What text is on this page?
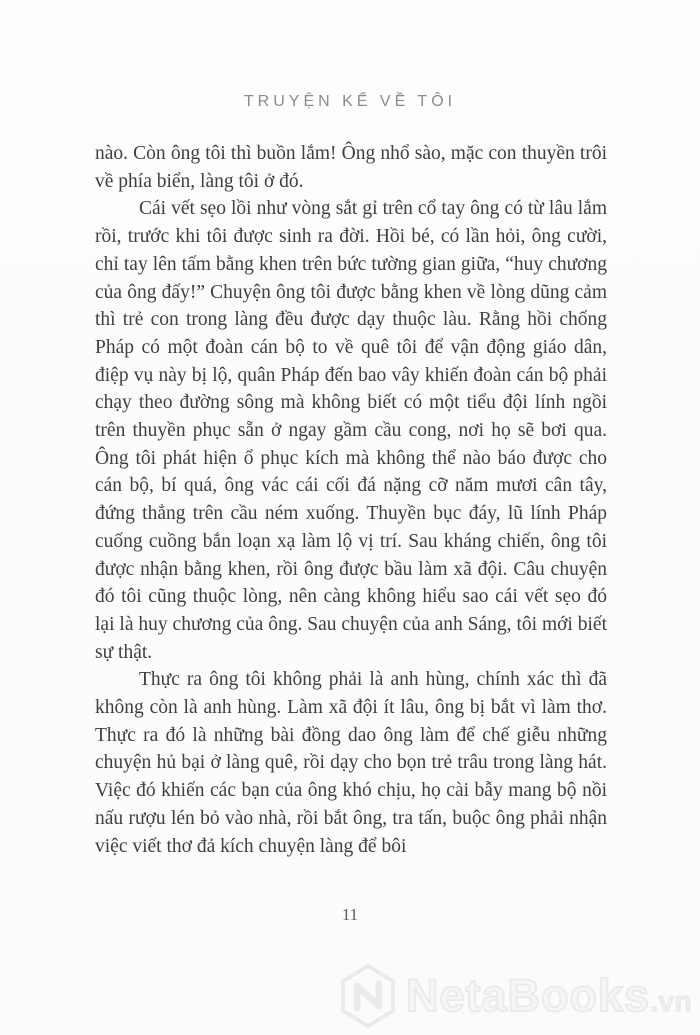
TRUYỆN KỂ VỀ TÔI

nào. Còn ông tôi thì buồn lắm! Ông nhổ sào, mặc con thuyền trôi về phía biển, làng tôi ở đó.

Cái vết sẹo lồi như vòng sắt gỉ trên cổ tay ông có từ lâu lắm rồi, trước khi tôi được sinh ra đời. Hồi bé, có lần hỏi, ông cười, chỉ tay lên tấm bằng khen trên bức tường gian giữa, “huy chương của ông đấy!” Chuyện ông tôi được bằng khen về lòng dũng cảm thì trẻ con trong làng đều được dạy thuộc làu. Rằng hồi chống Pháp có một đoàn cán bộ to về quê tôi để vận động giáo dân, điệp vụ này bị lộ, quân Pháp đến bao vây khiến đoàn cán bộ phải chạy theo đường sông mà không biết có một tiểu đội lính ngồi trên thuyền phục sẵn ở ngay gầm cầu cong, nơi họ sẽ bơi qua. Ông tôi phát hiện ổ phục kích mà không thể nào báo được cho cán bộ, bí quá, ông vác cái cối đá nặng cỡ năm mươi cân tây, đứng thẳng trên cầu ném xuống. Thuyền bục đáy, lũ lính Pháp cuống cuồng bắn loạn xạ làm lộ vị trí. Sau kháng chiến, ông tôi được nhận bằng khen, rồi ông được bầu làm xã đội. Câu chuyện đó tôi cũng thuộc lòng, nên càng không hiểu sao cái vết sẹo đó lại là huy chương của ông. Sau chuyện của anh Sáng, tôi mới biết sự thật.

Thực ra ông tôi không phải là anh hùng, chính xác thì đã không còn là anh hùng. Làm xã đội ít lâu, ông bị bắt vì làm thơ. Thực ra đó là những bài đồng dao ông làm để chế giễu những chuyện hủ bại ở làng quê, rồi dạy cho bọn trẻ trâu trong làng hát. Việc đó khiến các bạn của ông khó chịu, họ cài bẫy mang bộ nồi nấu rượu lén bỏ vào nhà, rồi bắt ông, tra tấn, buộc ông phải nhận việc viết thơ đả kích chuyện làng để bôi

11
NetaBooks.vn
